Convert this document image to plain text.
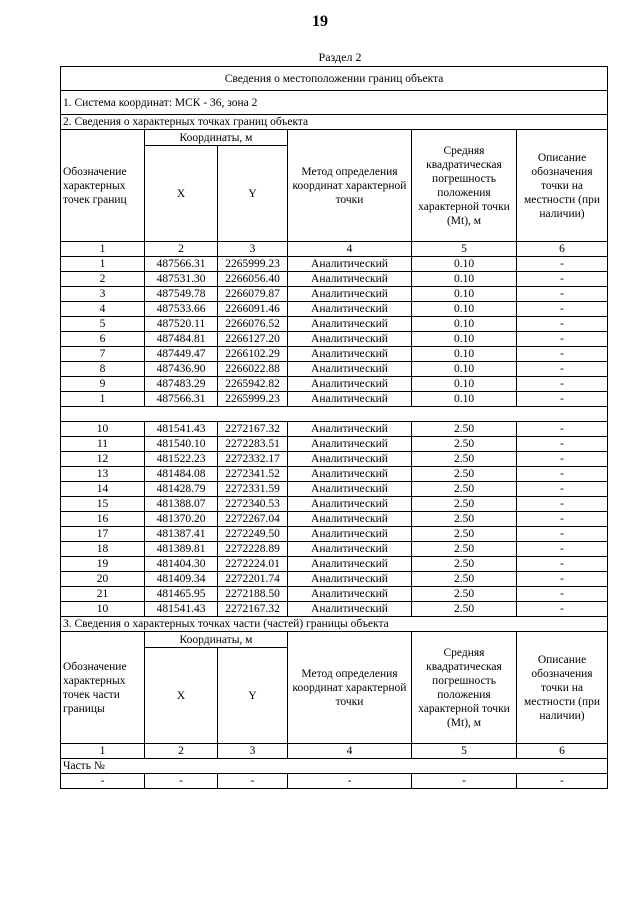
19
Раздел 2
Сведения о местоположении границ объекта					
1. Система координат: МСК - 36, зона 2					
2. Сведения о характерных точках границ объекта					
Обозначение характерных точек границ	Координаты, м		Метод определения координат характерной точки	Средняя квадратическая погрешность положения характерной точки (Mt), м	Описание обозначения точки на местности (при наличии)
	X	Y			
1	2	3	4	5	6
1	487566.31	2265999.23	Аналитический	0.10	-
2	487531.30	2266056.40	Аналитический	0.10	-
3	487549.78	2266079.87	Аналитический	0.10	-
4	487533.66	2266091.46	Аналитический	0.10	-
5	487520.11	2266076.52	Аналитический	0.10	-
6	487484.81	2266127.20	Аналитический	0.10	-
7	487449.47	2266102.29	Аналитический	0.10	-
8	487436.90	2266022.88	Аналитический	0.10	-
9	487483.29	2265942.82	Аналитический	0.10	-
1	487566.31	2265999.23	Аналитический	0.10	-

10	481541.43	2272167.32	Аналитический	2.50	-
11	481540.10	2272283.51	Аналитический	2.50	-
12	481522.23	2272332.17	Аналитический	2.50	-
13	481484.08	2272341.52	Аналитический	2.50	-
14	481428.79	2272331.59	Аналитический	2.50	-
15	481388.07	2272340.53	Аналитический	2.50	-
16	481370.20	2272267.04	Аналитический	2.50	-
17	481387.41	2272249.50	Аналитический	2.50	-
18	481389.81	2272228.89	Аналитический	2.50	-
19	481404.30	2272224.01	Аналитический	2.50	-
20	481409.34	2272201.74	Аналитический	2.50	-
21	481465.95	2272188.50	Аналитический	2.50	-
10	481541.43	2272167.32	Аналитический	2.50	-
3. Сведения о характерных точках части (частей) границы объекта					
Обозначение характерных точек части границы	Координаты, м		Метод определения координат характерной точки	Средняя квадратическая погрешность положения характерной точки (Mt), м	Описание обозначения точки на местности (при наличии)
	X	Y			
1	2	3	4	5	6
Часть №					
-	-	-	-	-	-
